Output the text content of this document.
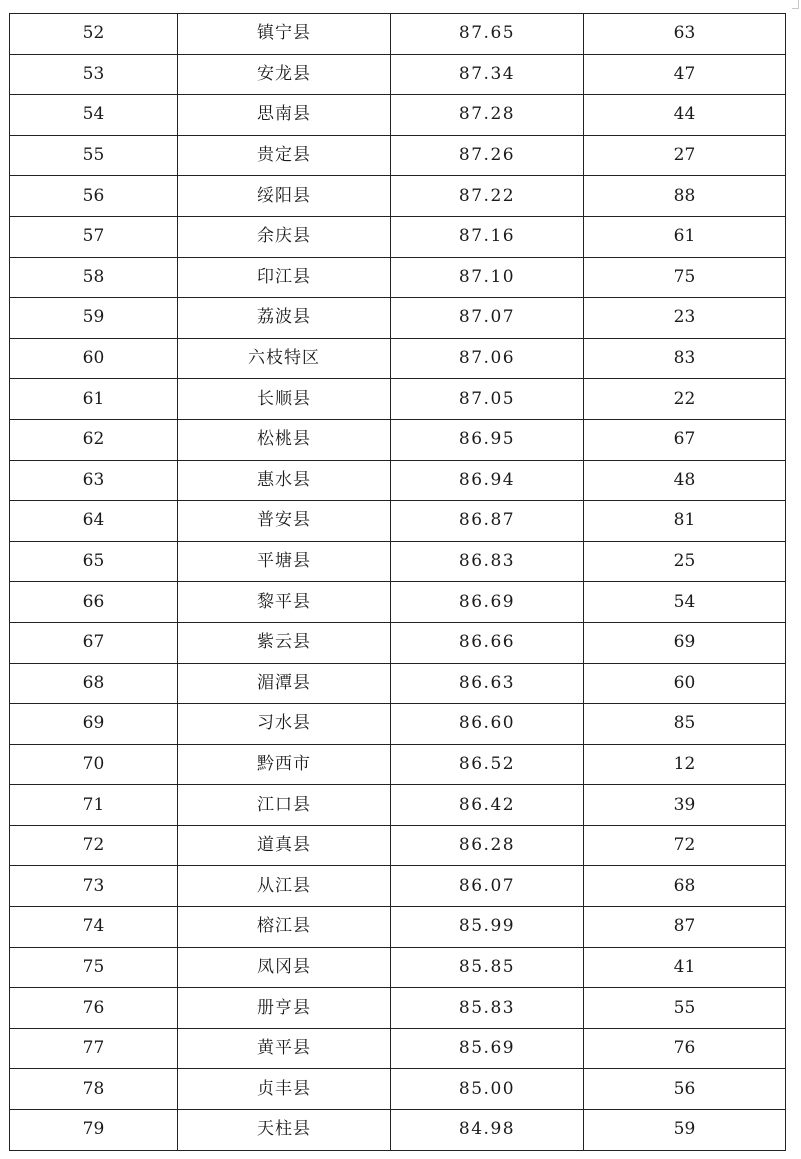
52	镇宁县	87.65	63
53	安龙县	87.34	47
54	思南县	87.28	44
55	贵定县	87.26	27
56	绥阳县	87.22	88
57	余庆县	87.16	61
58	印江县	87.10	75
59	荔波县	87.07	23
60	六枝特区	87.06	83
61	长顺县	87.05	22
62	松桃县	86.95	67
63	惠水县	86.94	48
64	普安县	86.87	81
65	平塘县	86.83	25
66	黎平县	86.69	54
67	紫云县	86.66	69
68	湄潭县	86.63	60
69	习水县	86.60	85
70	黔西市	86.52	12
71	江口县	86.42	39
72	道真县	86.28	72
73	从江县	86.07	68
74	榕江县	85.99	87
75	凤冈县	85.85	41
76	册亨县	85.83	55
77	黄平县	85.69	76
78	贞丰县	85.00	56
79	天柱县	84.98	59
